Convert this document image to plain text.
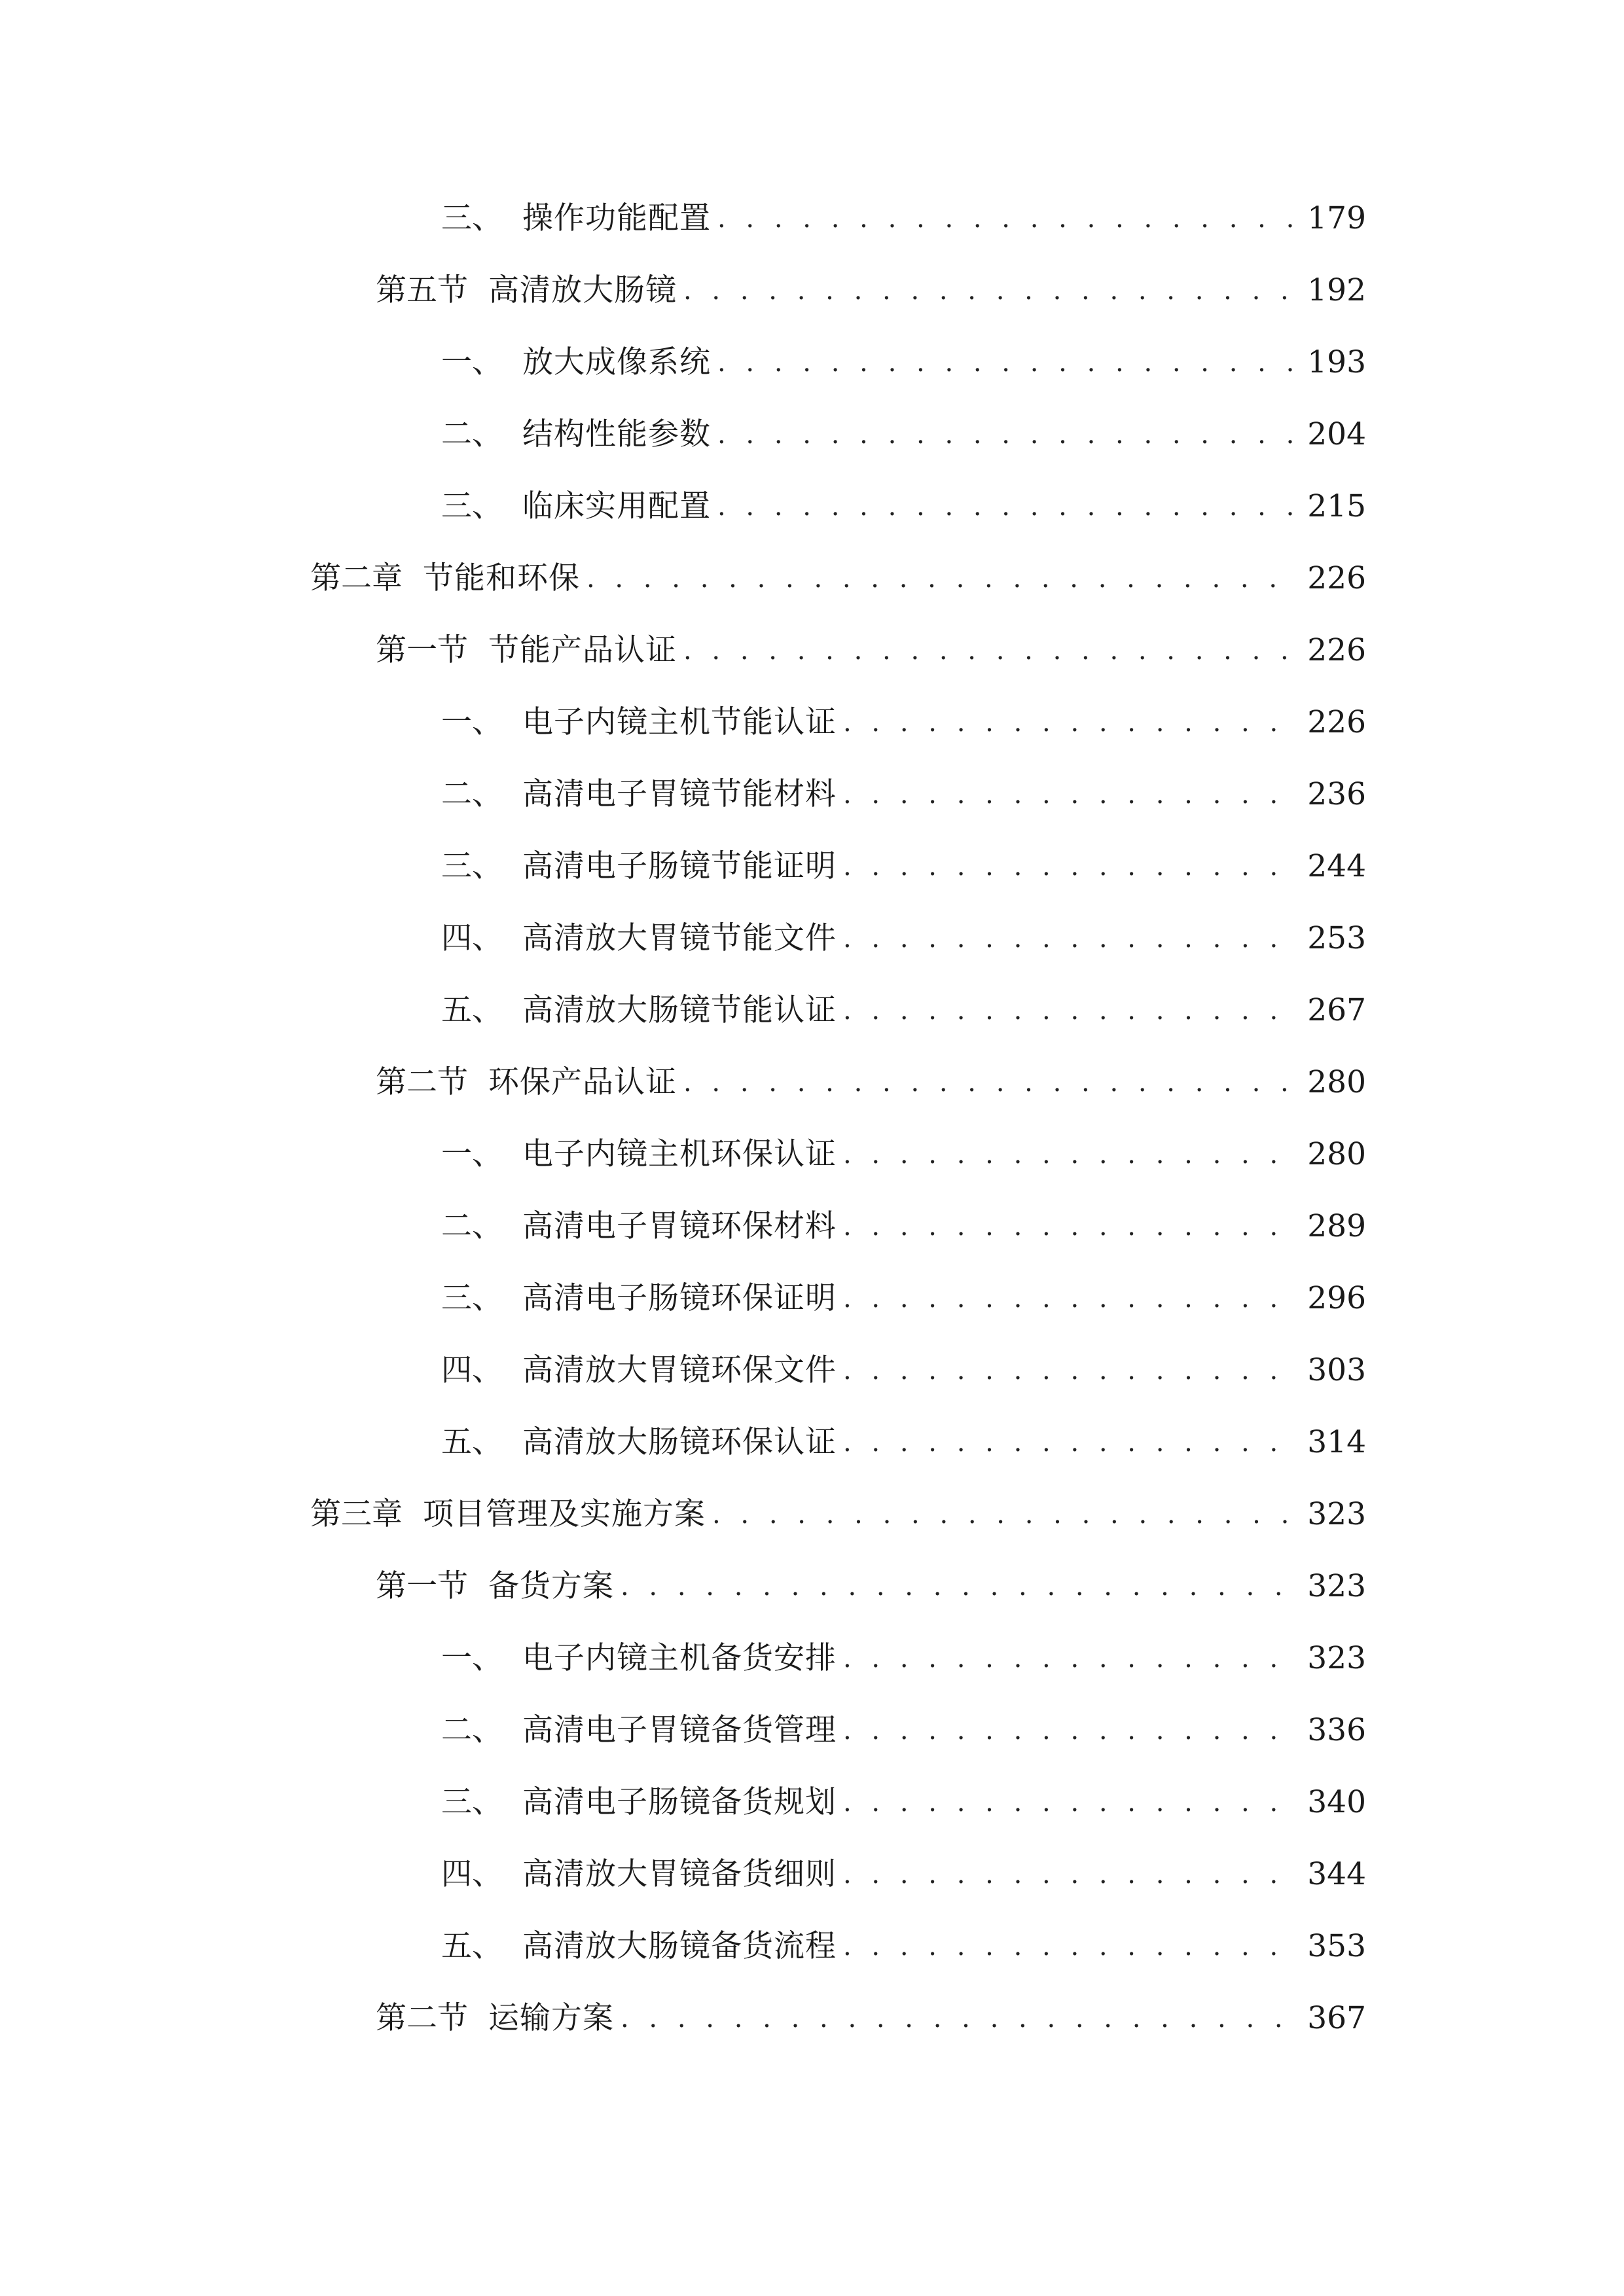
三、 操作功能配置 . . .	179
第五节 高清放大肠镜 . . .	192
一、 放大成像系统 . . .	193
二、 结构性能参数 . . .	204
三、 临床实用配置 . . .	215
第二章 节能和环保 . . .	226
第一节 节能产品认证 . . .	226
一、 电子内镜主机节能认证 . . .	226
二、 高清电子胃镜节能材料 . . .	236
三、 高清电子肠镜节能证明 . . .	244
四、 高清放大胃镜节能文件 . . .	253
五、 高清放大肠镜节能认证 . . .	267
第二节 环保产品认证 . . .	280
一、 电子内镜主机环保认证 . . .	280
二、 高清电子胃镜环保材料 . . .	289
三、 高清电子肠镜环保证明 . . .	296
四、 高清放大胃镜环保文件 . . .	303
五、 高清放大肠镜环保认证 . . .	314
第三章 项目管理及实施方案 . . .	323
第一节 备货方案 . . .	323
一、 电子内镜主机备货安排 . . .	323
二、 高清电子胃镜备货管理 . . .	336
三、 高清电子肠镜备货规划 . . .	340
四、 高清放大胃镜备货细则 . . .	344
五、 高清放大肠镜备货流程 . . .	353
第二节 运输方案 . . .	367
